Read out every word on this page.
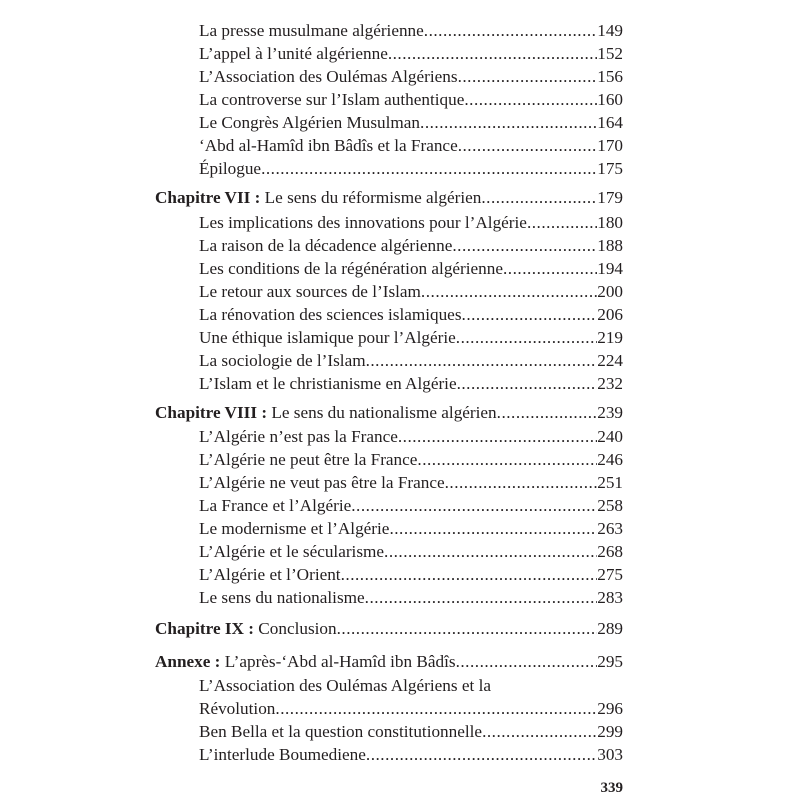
La presse musulmane algérienne .....	149
L’appel à l’unité algérienne .....	152
L’Association des Oulémas Algériens .....	156
La controverse sur l’Islam authentique .....	160
Le Congrès Algérien Musulman .....	164
‘Abd al-Hamîd ibn Bâdîs et la France .....	170
Épilogue .....	175
Chapitre VII : Le sens du réformisme algérien .....	179
Les implications des innovations pour l’Algérie .....	180
La raison de la décadence algérienne .....	188
Les conditions de la régénération algérienne .....	194
Le retour aux sources de l’Islam .....	200
La rénovation des sciences islamiques .....	206
Une éthique islamique pour l’Algérie .....	219
La sociologie de l’Islam .....	224
L’Islam et le christianisme en Algérie .....	232
Chapitre VIII : Le sens du nationalisme algérien .....	239
L’Algérie n’est pas la France .....	240
L’Algérie ne peut être la France .....	246
L’Algérie ne veut pas être la France .....	251
La France et l’Algérie .....	258
Le modernisme et l’Algérie .....	263
L’Algérie et le sécularisme .....	268
L’Algérie et l’Orient .....	275
Le sens du nationalisme .....	283
Chapitre IX : Conclusion .....	289
Annexe : L’après-‘Abd al-Hamîd ibn Bâdîs .....	295
L’Association des Oulémas Algériens et la
Révolution .....	296
Ben Bella et la question constitutionnelle .....	299
L’interlude Boumediene .....	303
339
